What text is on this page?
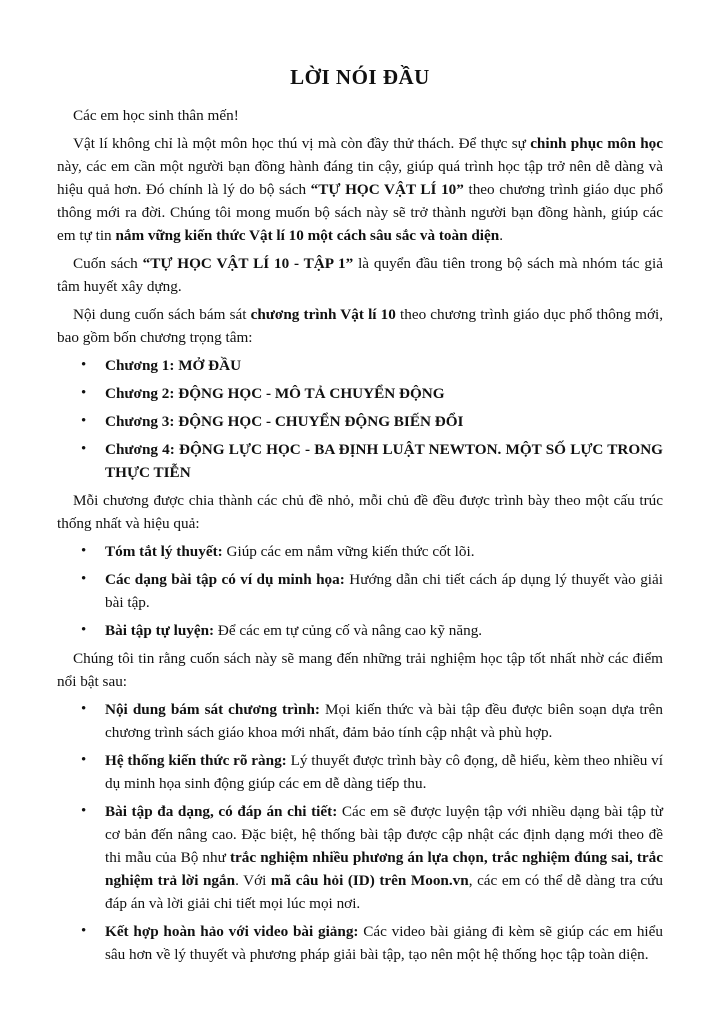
LỜI NÓI ĐẦU

Các em học sinh thân mến!

Vật lí không chỉ là một môn học thú vị mà còn đầy thử thách. Để thực sự chinh phục môn học này, các em cần một người bạn đồng hành đáng tin cậy, giúp quá trình học tập trở nên dễ dàng và hiệu quả hơn. Đó chính là lý do bộ sách “TỰ HỌC VẬT LÍ 10” theo chương trình giáo dục phổ thông mới ra đời. Chúng tôi mong muốn bộ sách này sẽ trở thành người bạn đồng hành, giúp các em tự tin nắm vững kiến thức Vật lí 10 một cách sâu sắc và toàn diện.

Cuốn sách “TỰ HỌC VẬT LÍ 10 - TẬP 1” là quyển đầu tiên trong bộ sách mà nhóm tác giả tâm huyết xây dựng.

Nội dung cuốn sách bám sát chương trình Vật lí 10 theo chương trình giáo dục phổ thông mới, bao gồm bốn chương trọng tâm:

• Chương 1: MỞ ĐẦU
• Chương 2: ĐỘNG HỌC - MÔ TẢ CHUYỂN ĐỘNG
• Chương 3: ĐỘNG HỌC - CHUYỂN ĐỘNG BIẾN ĐỔI
• Chương 4: ĐỘNG LỰC HỌC - BA ĐỊNH LUẬT NEWTON. MỘT SỐ LỰC TRONG THỰC TIỄN

Mỗi chương được chia thành các chủ đề nhỏ, mỗi chủ đề đều được trình bày theo một cấu trúc thống nhất và hiệu quả:

• Tóm tắt lý thuyết: Giúp các em nắm vững kiến thức cốt lõi.
• Các dạng bài tập có ví dụ minh họa: Hướng dẫn chi tiết cách áp dụng lý thuyết vào giải bài tập.
• Bài tập tự luyện: Để các em tự củng cố và nâng cao kỹ năng.

Chúng tôi tin rằng cuốn sách này sẽ mang đến những trải nghiệm học tập tốt nhất nhờ các điểm nổi bật sau:

• Nội dung bám sát chương trình: Mọi kiến thức và bài tập đều được biên soạn dựa trên chương trình sách giáo khoa mới nhất, đảm bảo tính cập nhật và phù hợp.
• Hệ thống kiến thức rõ ràng: Lý thuyết được trình bày cô đọng, dễ hiểu, kèm theo nhiều ví dụ minh họa sinh động giúp các em dễ dàng tiếp thu.
• Bài tập đa dạng, có đáp án chi tiết: Các em sẽ được luyện tập với nhiều dạng bài tập từ cơ bản đến nâng cao. Đặc biệt, hệ thống bài tập được cập nhật các định dạng mới theo đề thi mẫu của Bộ như trắc nghiệm nhiều phương án lựa chọn, trắc nghiệm đúng sai, trắc nghiệm trả lời ngắn. Với mã câu hỏi (ID) trên Moon.vn, các em có thể dễ dàng tra cứu đáp án và lời giải chi tiết mọi lúc mọi nơi.
• Kết hợp hoàn hảo với video bài giảng: Các video bài giảng đi kèm sẽ giúp các em hiểu sâu hơn về lý thuyết và phương pháp giải bài tập, tạo nên một hệ thống học tập toàn diện.
